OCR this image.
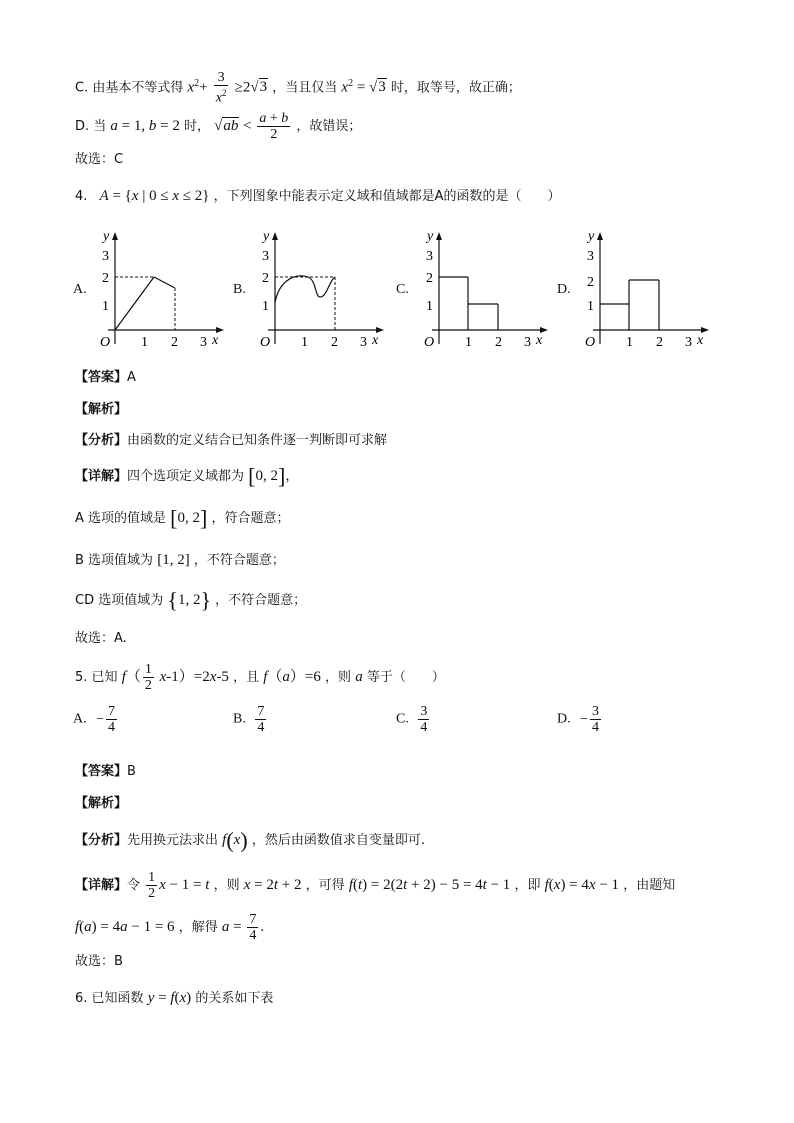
C. 由基本不等式得 $x^2+ \frac{3}{x^2} \ge 2√3$ ，当且仅当 $x^2 = √3$ 时，取等号，故正确；
D. 当 a = 1, b = 2 时， $√ab < \frac{a + b}{2}$ ，故错误；
故选：C
4. A = {x | 0 ≤ x ≤ 2} ，下列图象中能表示定义域和值域都是A的函数的是（　　）
A.	B.	C.	D.
y
3
2
1
O 1 2 3 x
y
3
2
1
O 1 2 3 x
y
3
2
1
O 1 2 3 x
y
3
2
1
O 1 2 3 x
【答案】A
【解析】
【分析】由函数的定义结合已知条件逐一判断即可求解
【详解】四个选项定义域都为 [0, 2]，
A 选项的值域是 [0, 2] ，符合题意；
B 选项值域为 [1, 2] ，不符合题意；
CD 选项值域为 {1, 2} ，不符合题意；
故选：A.
5. 已知 $f( \frac{1}{2} x-1)=2x-5$ ，且 f（a）=6 ，则 a 等于（　　）
A. − $\frac{7}{4}$	B. $\frac{7}{4}$	C. $\frac{3}{4}$	D. − $\frac{3}{4}$
【答案】B
【解析】
【分析】先用换元法求出 f(x) ，然后由函数值求自变量即可.
【详解】令 $\frac{1}{2}$ x − 1 = t ，则 x = 2t + 2 ，可得 f(t) = 2(2t + 2) − 5 = 4t − 1 ，即 f(x) = 4x − 1 ，由题知
f(a) = 4a − 1 = 6 ，解得 $a = \frac{7}{4}$ .
故选：B
6. 已知函数 y = f(x) 的关系如下表
